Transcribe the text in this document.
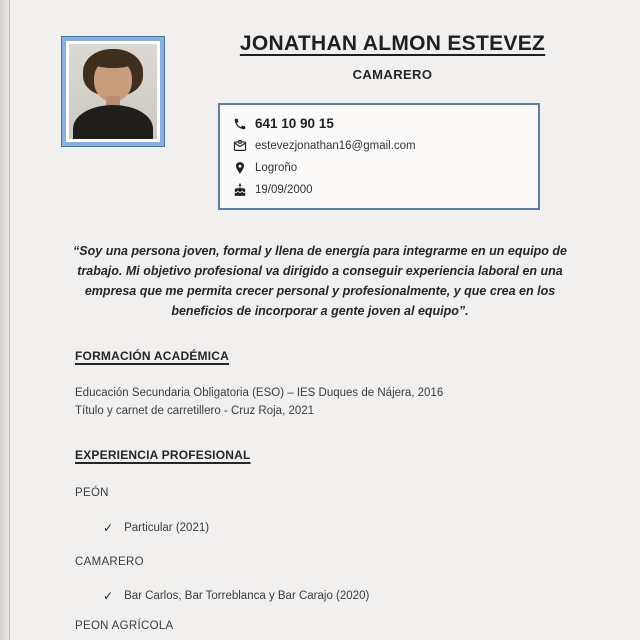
JONATHAN ALMON ESTEVEZ
CAMARERO
641 10 90 15
estevezjonathan16@gmail.com
Logroño
19/09/2000
“Soy una persona joven, formal y llena de energía para integrarme en un equipo de trabajo. Mi objetivo profesional va dirigido a conseguir experiencia laboral en una empresa que me permita crecer personal y profesionalmente, y que crea en los beneficios de incorporar a gente joven al equipo”.
FORMACIÓN ACADÉMICA
Educación Secundaria Obligatoria (ESO) – IES Duques de Nájera, 2016
Título y carnet de carretillero - Cruz Roja, 2021
EXPERIENCIA PROFESIONAL
PEÓN
✓ Particular (2021)
CAMARERO
✓ Bar Carlos, Bar Torreblanca y Bar Carajo (2020)
PEON AGRÍCOLA
